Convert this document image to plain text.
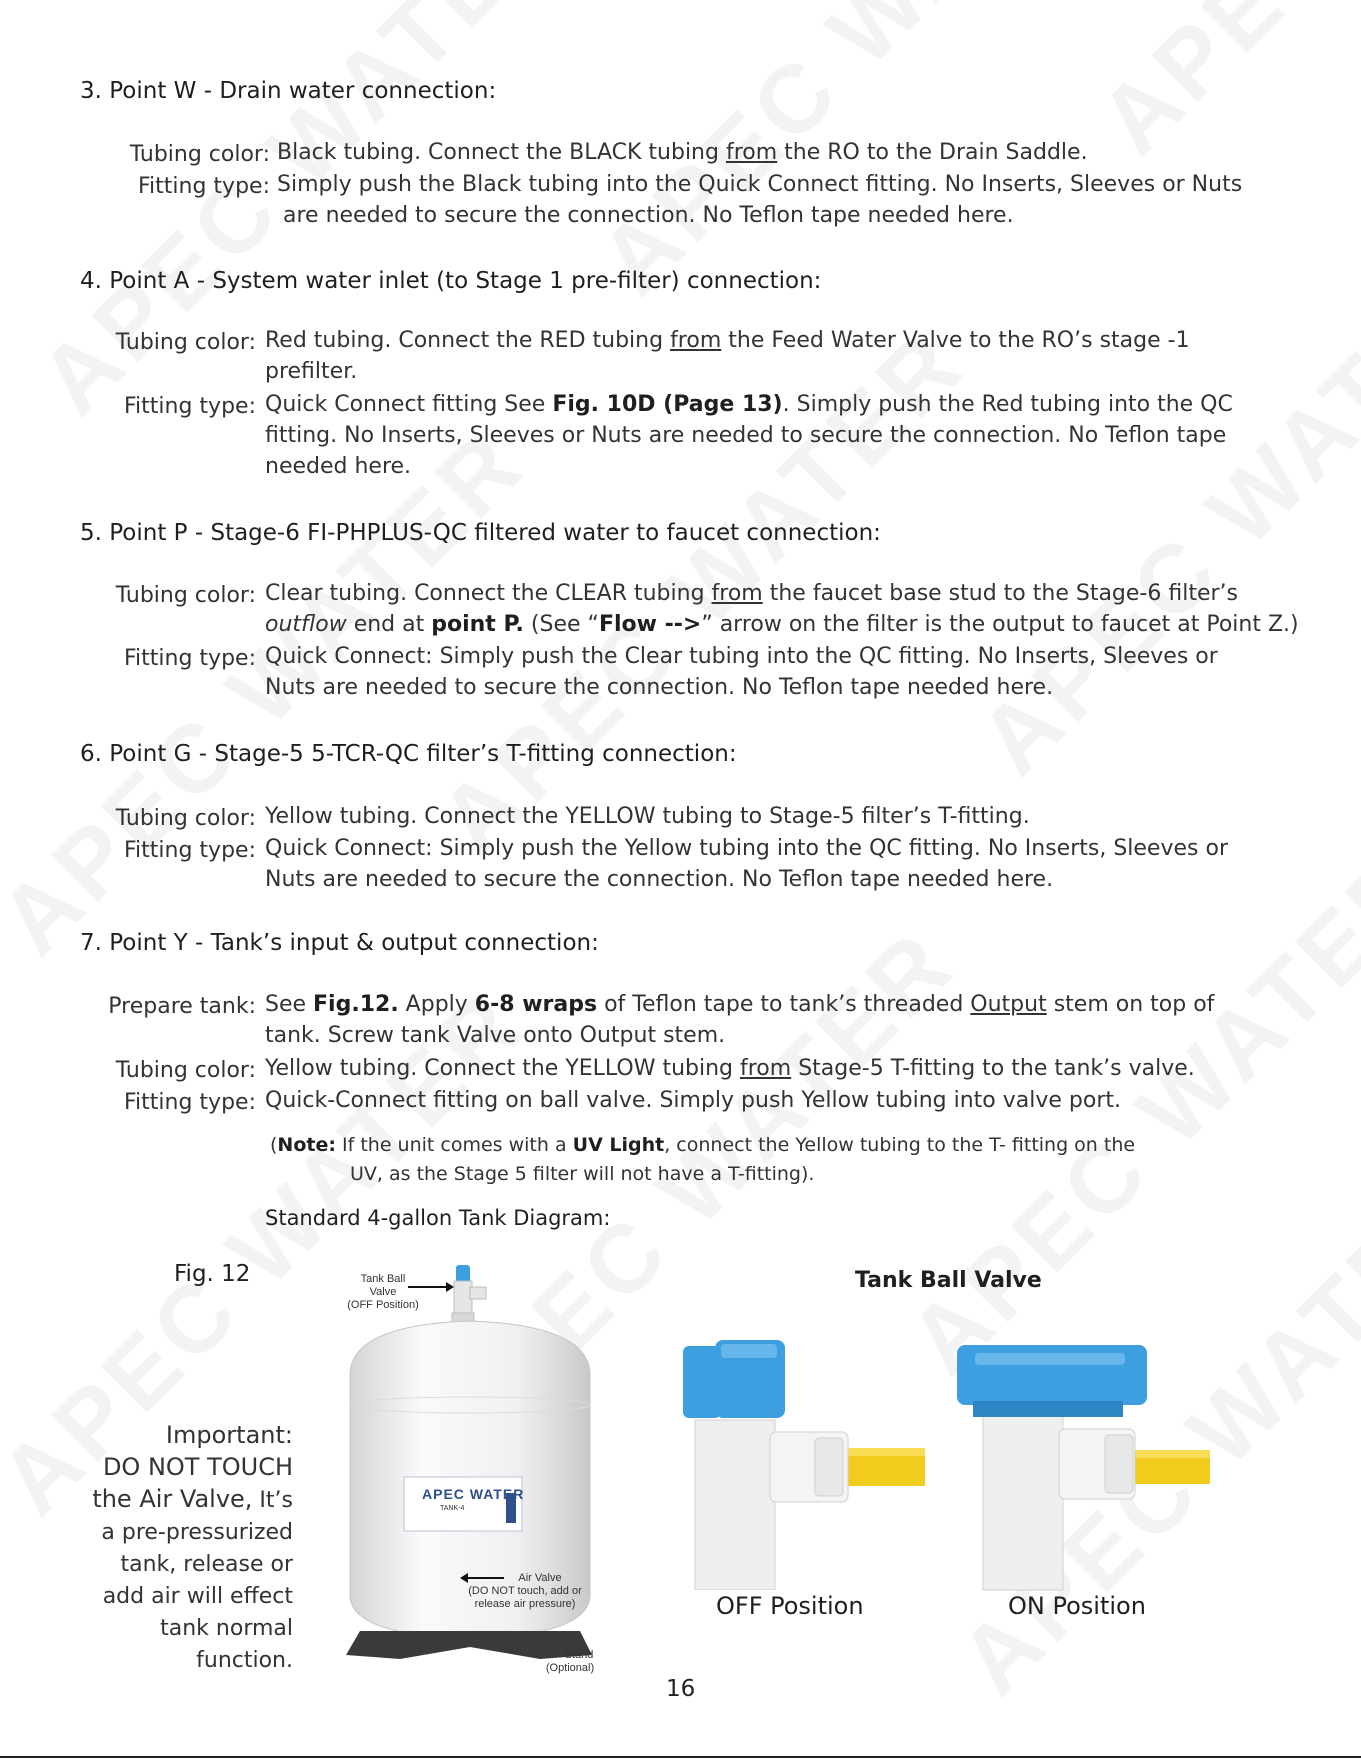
3. Point W - Drain water connection:
Tubing color: Black tubing. Connect the BLACK tubing from the RO to the Drain Saddle.
Fitting type: Simply push the Black tubing into the Quick Connect fitting. No Inserts, Sleeves or Nuts
are needed to secure the connection. No Teflon tape needed here.
4. Point A - System water inlet (to Stage 1 pre-filter) connection:
Tubing color: Red tubing. Connect the RED tubing from the Feed Water Valve to the RO’s stage -1
prefilter.
Fitting type: Quick Connect fitting See Fig. 10D (Page 13). Simply push the Red tubing into the QC
fitting. No Inserts, Sleeves or Nuts are needed to secure the connection. No Teflon tape
needed here.
5. Point P - Stage-6 FI-PHPLUS-QC filtered water to faucet connection:
Tubing color: Clear tubing. Connect the CLEAR tubing from the faucet base stud to the Stage-6 filter’s
outflow end at point P. (See “Flow -->” arrow on the filter is the output to faucet at Point Z.)
Fitting type: Quick Connect: Simply push the Clear tubing into the QC fitting. No Inserts, Sleeves or
Nuts are needed to secure the connection. No Teflon tape needed here.
6. Point G - Stage-5 5-TCR-QC filter’s T-fitting connection:
Tubing color: Yellow tubing. Connect the YELLOW tubing to Stage-5 filter’s T-fitting.
Fitting type: Quick Connect: Simply push the Yellow tubing into the QC fitting. No Inserts, Sleeves or
Nuts are needed to secure the connection. No Teflon tape needed here.
7. Point Y - Tank’s input & output connection:
Prepare tank: See Fig.12. Apply 6-8 wraps of Teflon tape to tank’s threaded Output stem on top of
tank. Screw tank Valve onto Output stem.
Tubing color: Yellow tubing. Connect the YELLOW tubing from Stage-5 T-fitting to the tank’s valve.
Fitting type: Quick-Connect fitting on ball valve. Simply push Yellow tubing into valve port.
(Note: If the unit comes with a UV Light, connect the Yellow tubing to the T- fitting on the
UV, as the Stage 5 filter will not have a T-fitting).
Standard 4-gallon Tank Diagram:
Fig. 12
APEC WATER
TANK-4
Tank Ball
Valve
(OFF Position)
Air Valve
(DO NOT touch, add or
release air pressure)
Stand
(Optional)
Important:
DO NOT TOUCH
the Air Valve, It’s
a pre-pressurized
tank, release or
add air will effect
tank normal
function.
Tank Ball Valve
OFF Position	ON Position
16
